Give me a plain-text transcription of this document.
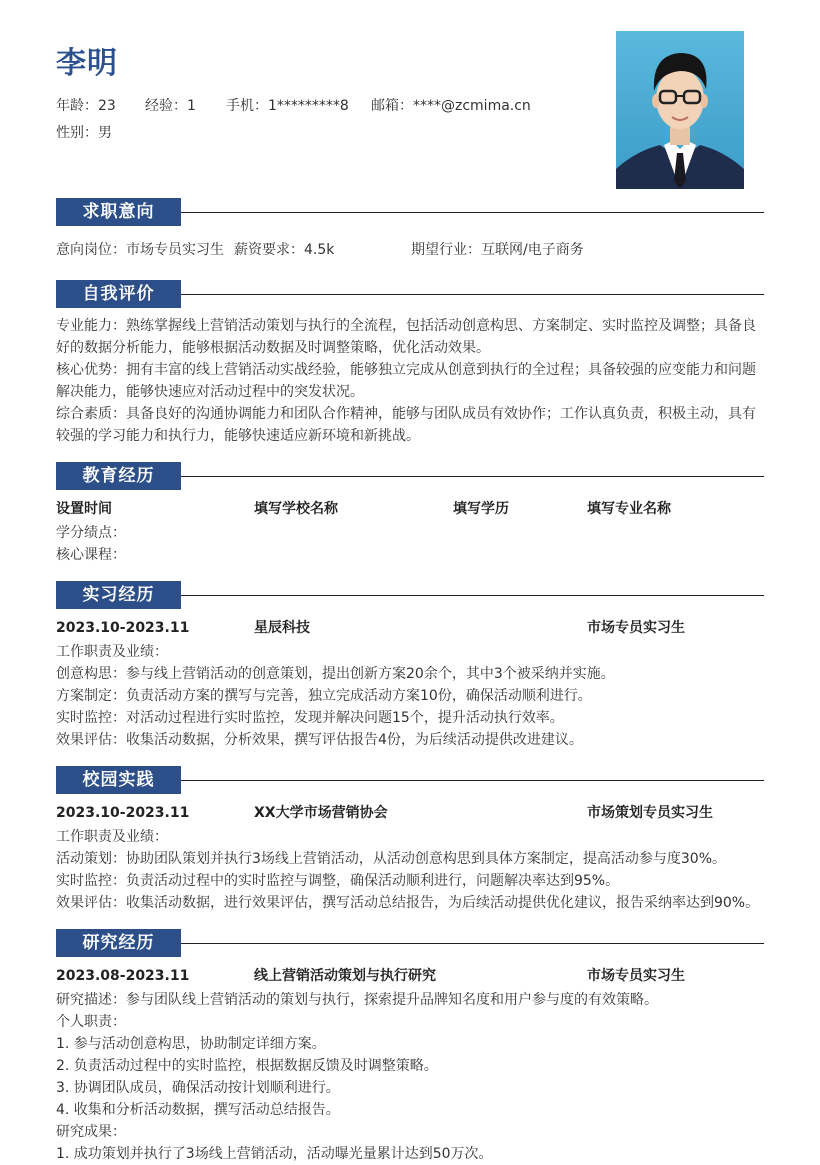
李明
年龄：23 经验：1 手机：1*********8 邮箱：****@zcmima.cn
性别：男
求职意向
意向岗位：市场专员实习生 薪资要求：4.5k	期望行业：互联网/电子商务
自我评价
专业能力：熟练掌握线上营销活动策划与执行的全流程，包括活动创意构思、方案制定、实时监控及调整；具备良
好的数据分析能力，能够根据活动数据及时调整策略，优化活动效果。
核心优势：拥有丰富的线上营销活动实战经验，能够独立完成从创意到执行的全过程；具备较强的应变能力和问题
解决能力，能够快速应对活动过程中的突发状况。
综合素质：具备良好的沟通协调能力和团队合作精神，能够与团队成员有效协作；工作认真负责，积极主动，具有
较强的学习能力和执行力，能够快速适应新环境和新挑战。
教育经历
设置时间	填写学校名称	填写学历	填写专业名称
学分绩点：
核心课程：
实习经历
2023.10-2023.11	星辰科技	市场专员实习生
工作职责及业绩：
创意构思：参与线上营销活动的创意策划，提出创新方案20余个，其中3个被采纳并实施。
方案制定：负责活动方案的撰写与完善，独立完成活动方案10份，确保活动顺利进行。
实时监控：对活动过程进行实时监控，发现并解决问题15个，提升活动执行效率。
效果评估：收集活动数据，分析效果，撰写评估报告4份，为后续活动提供改进建议。
校园实践
2023.10-2023.11	XX大学市场营销协会	市场策划专员实习生
工作职责及业绩：
活动策划：协助团队策划并执行3场线上营销活动，从活动创意构思到具体方案制定，提高活动参与度30%。
实时监控：负责活动过程中的实时监控与调整，确保活动顺利进行，问题解决率达到95%。
效果评估：收集活动数据，进行效果评估，撰写活动总结报告，为后续活动提供优化建议，报告采纳率达到90%。
研究经历
2023.08-2023.11	线上营销活动策划与执行研究	市场专员实习生
研究描述：参与团队线上营销活动的策划与执行，探索提升品牌知名度和用户参与度的有效策略。
个人职责：
1. 参与活动创意构思，协助制定详细方案。
2. 负责活动过程中的实时监控，根据数据反馈及时调整策略。
3. 协调团队成员，确保活动按计划顺利进行。
4. 收集和分析活动数据，撰写活动总结报告。
研究成果：
1. 成功策划并执行了3场线上营销活动，活动曝光量累计达到50万次。
